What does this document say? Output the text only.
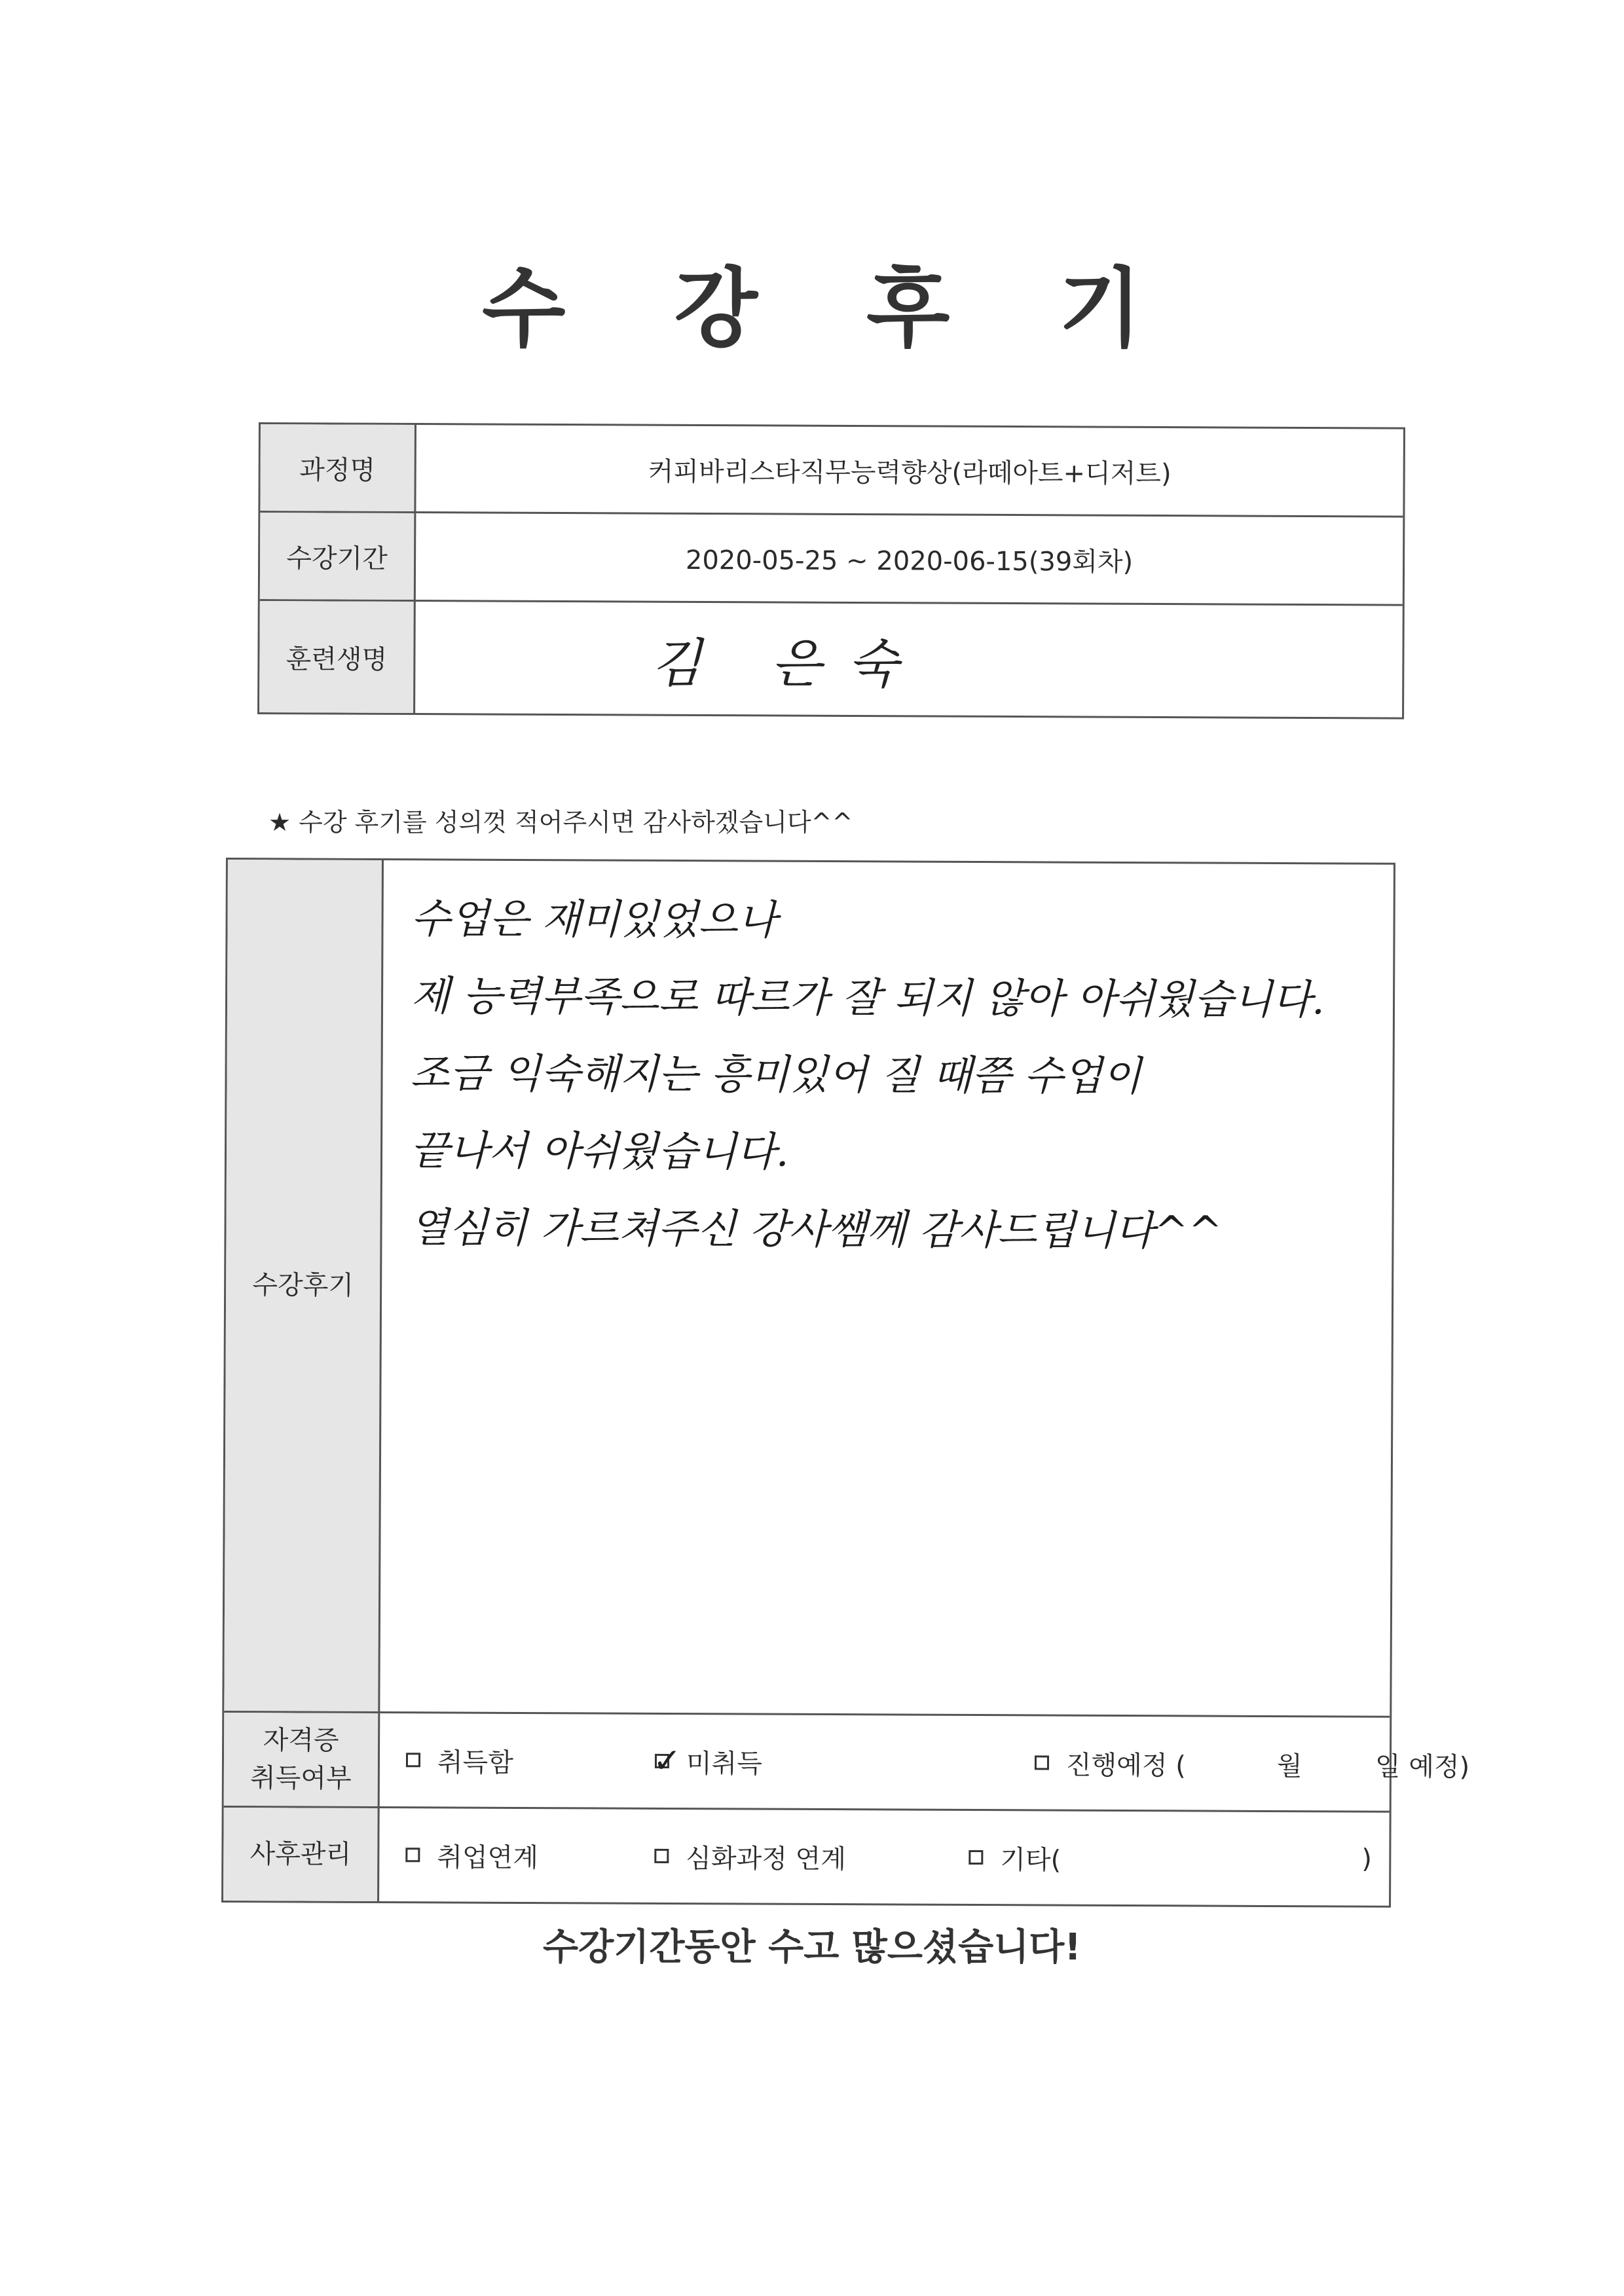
수 강 후 기
과정명	커피바리스타직무능력향상(라떼아트+디저트)
수강기간	2020-05-25 ~ 2020-06-15(39회차)
훈련생명	김 은숙
★ 수강 후기를 성의껏 적어주시면 감사하겠습니다^^
수강후기
수업은 재미있었으나
제 능력부족으로 따르가 잘 되지 않아 아쉬웠습니다.
조금 익숙해지는 흥미있어 질 때쯤 수업이
끝나서 아쉬웠습니다.
열심히 가르쳐주신 강사쌤께 감사드립니다^^
자격증
취득여부
취득함	✓ 미취득	진행예정 (	월	일 예정)
사후관리	취업연계	심화과정 연계	기타(	)
수강기간동안 수고 많으셨습니다!
